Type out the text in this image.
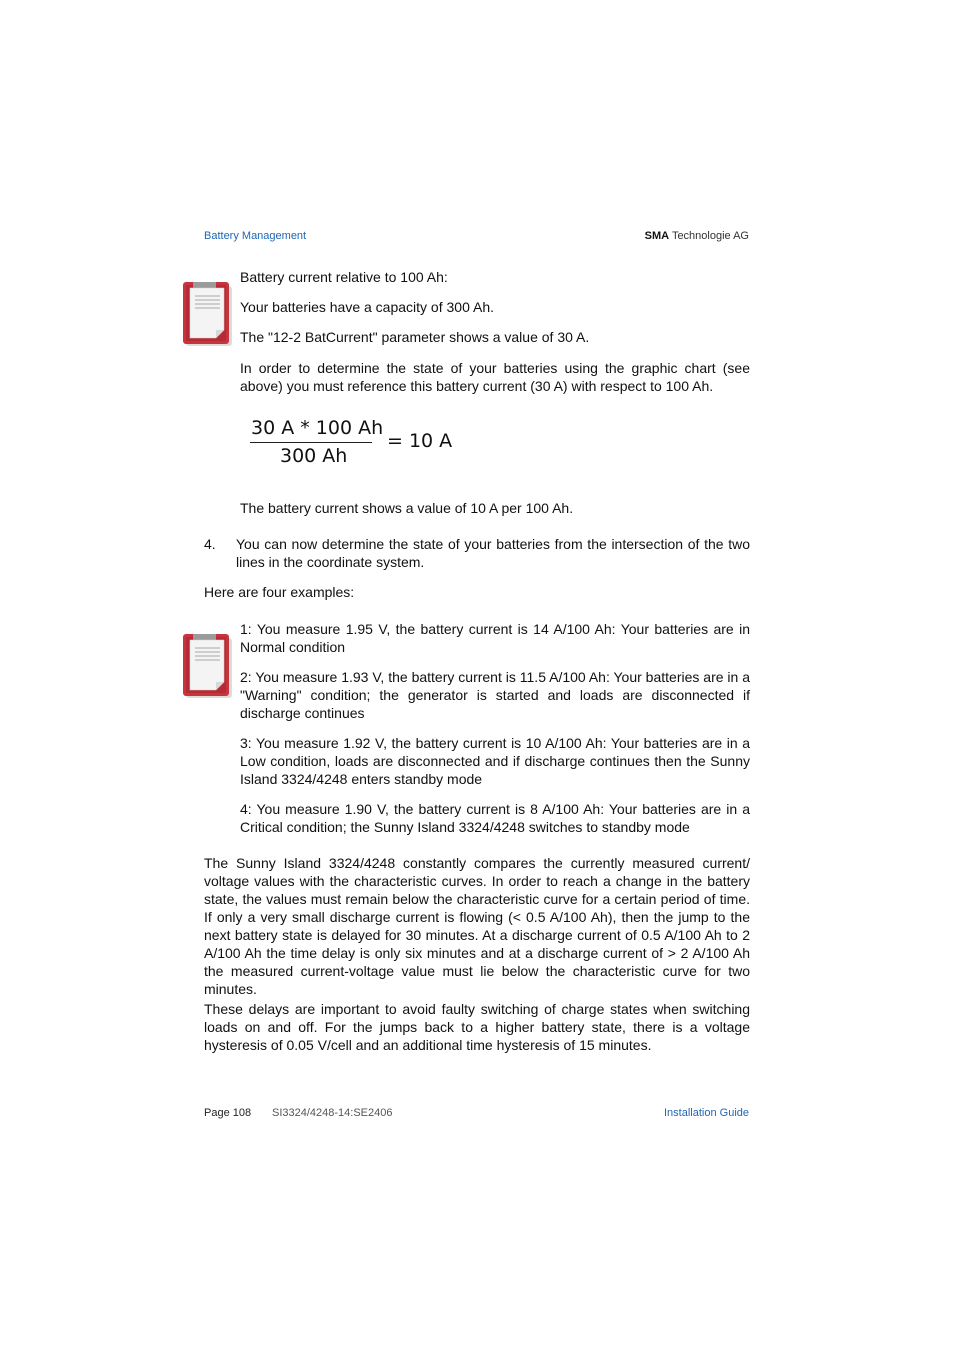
Battery Management	SMA Technologie AG
Battery current relative to 100 Ah:
Your batteries have a capacity of 300 Ah.
The "12-2 BatCurrent" parameter shows a value of 30 A.
In order to determine the state of your batteries using the graphic chart (see above) you must reference this battery current (30 A) with respect to 100 Ah.
30 A * 100 Ah
300 Ah
= 10 A
The battery current shows a value of 10 A per 100 Ah.
4. You can now determine the state of your batteries from the intersection of the two lines in the coordinate system.
Here are four examples:
1: You measure 1.95 V, the battery current is 14 A/100 Ah: Your batteries are in Normal condition
2: You measure 1.93 V, the battery current is 11.5 A/100 Ah: Your batteries are in a "Warning" condition; the generator is started and loads are disconnected if discharge continues
3: You measure 1.92 V, the battery current is 10 A/100 Ah: Your batteries are in a Low condition, loads are disconnected and if discharge continues then the Sunny Island 3324/4248 enters standby mode
4: You measure 1.90 V, the battery current is 8 A/100 Ah: Your batteries are in a Critical condition; the Sunny Island 3324/4248 switches to standby mode
The Sunny Island 3324/4248 constantly compares the currently measured current/ voltage values with the characteristic curves. In order to reach a change in the battery state, the values must remain below the characteristic curve for a certain period of time. If only a very small discharge current is flowing (< 0.5 A/100 Ah), then the jump to the next battery state is delayed for 30 minutes. At a discharge current of 0.5 A/100 Ah to 2 A/100 Ah the time delay is only six minutes and at a discharge current of > 2 A/100 Ah the measured current-voltage value must lie below the characteristic curve for two minutes.
These delays are important to avoid faulty switching of charge states when switching loads on and off. For the jumps back to a higher battery state, there is a voltage hysteresis of 0.05 V/cell and an additional time hysteresis of 15 minutes.
Page 108 SI3324/4248-14:SE2406	Installation Guide
